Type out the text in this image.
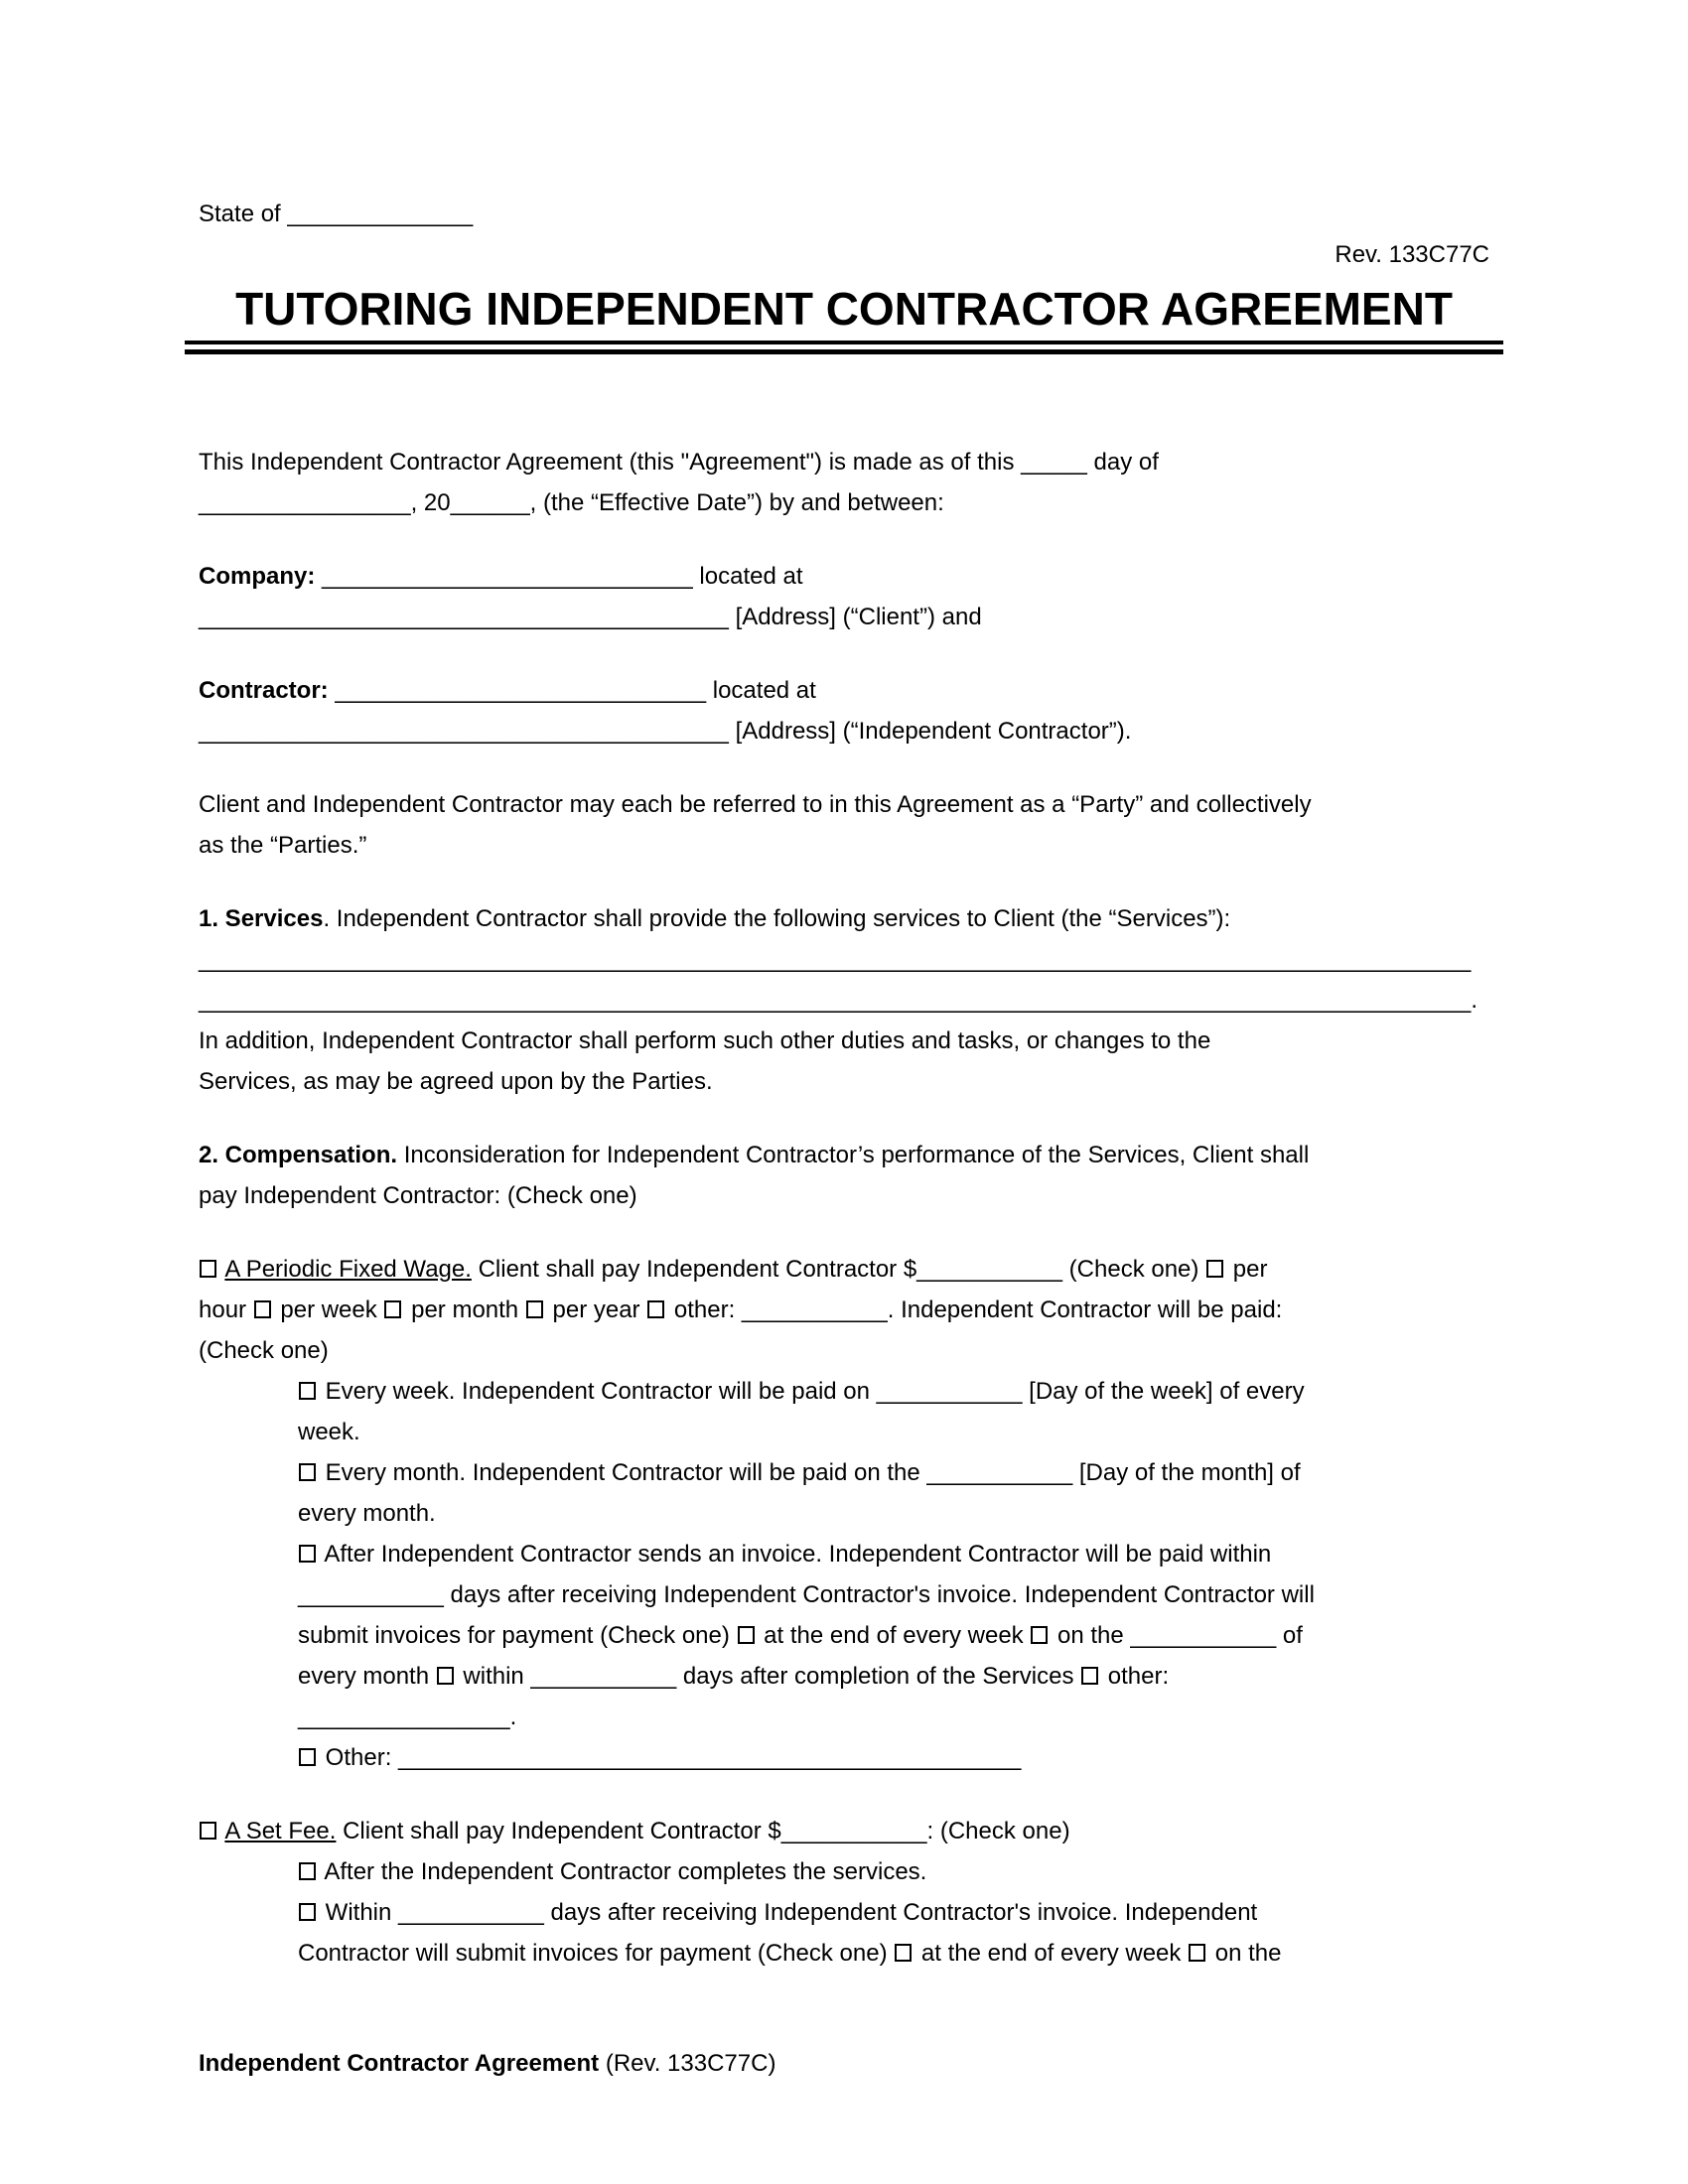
State of ______________
Rev. 133C77C
TUTORING INDEPENDENT CONTRACTOR AGREEMENT

This Independent Contractor Agreement (this "Agreement") is made as of this _____ day of
________________, 20______, (the “Effective Date”) by and between:

Company: ____________________________ located at
________________________________________ [Address] (“Client”) and

Contractor: ____________________________ located at
________________________________________ [Address] (“Independent Contractor”).

Client and Independent Contractor may each be referred to in this Agreement as a “Party” and collectively
as the “Parties.”

1. Services. Independent Contractor shall provide the following services to Client (the “Services”):
________________________________________________________________________________________________
________________________________________________________________________________________________.
In addition, Independent Contractor shall perform such other duties and tasks, or changes to the
Services, as may be agreed upon by the Parties.

2. Compensation. Inconsideration for Independent Contractor’s performance of the Services, Client shall
pay Independent Contractor: (Check one)

A Periodic Fixed Wage. Client shall pay Independent Contractor $___________ (Check one)  per
hour  per week  per month  per year  other: ___________. Independent Contractor will be paid:
(Check one)

Every week. Independent Contractor will be paid on ___________ [Day of the week] of every
week.

Every month. Independent Contractor will be paid on the ___________ [Day of the month] of
every month.

After Independent Contractor sends an invoice. Independent Contractor will be paid within
___________ days after receiving Independent Contractor's invoice. Independent Contractor will
submit invoices for payment (Check one)  at the end of every week  on the ___________ of
every month  within ___________ days after completion of the Services  other:
________________.

Other: _______________________________________________

A Set Fee. Client shall pay Independent Contractor $___________: (Check one)

After the Independent Contractor completes the services.

Within ___________ days after receiving Independent Contractor's invoice. Independent
Contractor will submit invoices for payment (Check one)  at the end of every week  on the

Independent Contractor Agreement (Rev. 133C77C)
